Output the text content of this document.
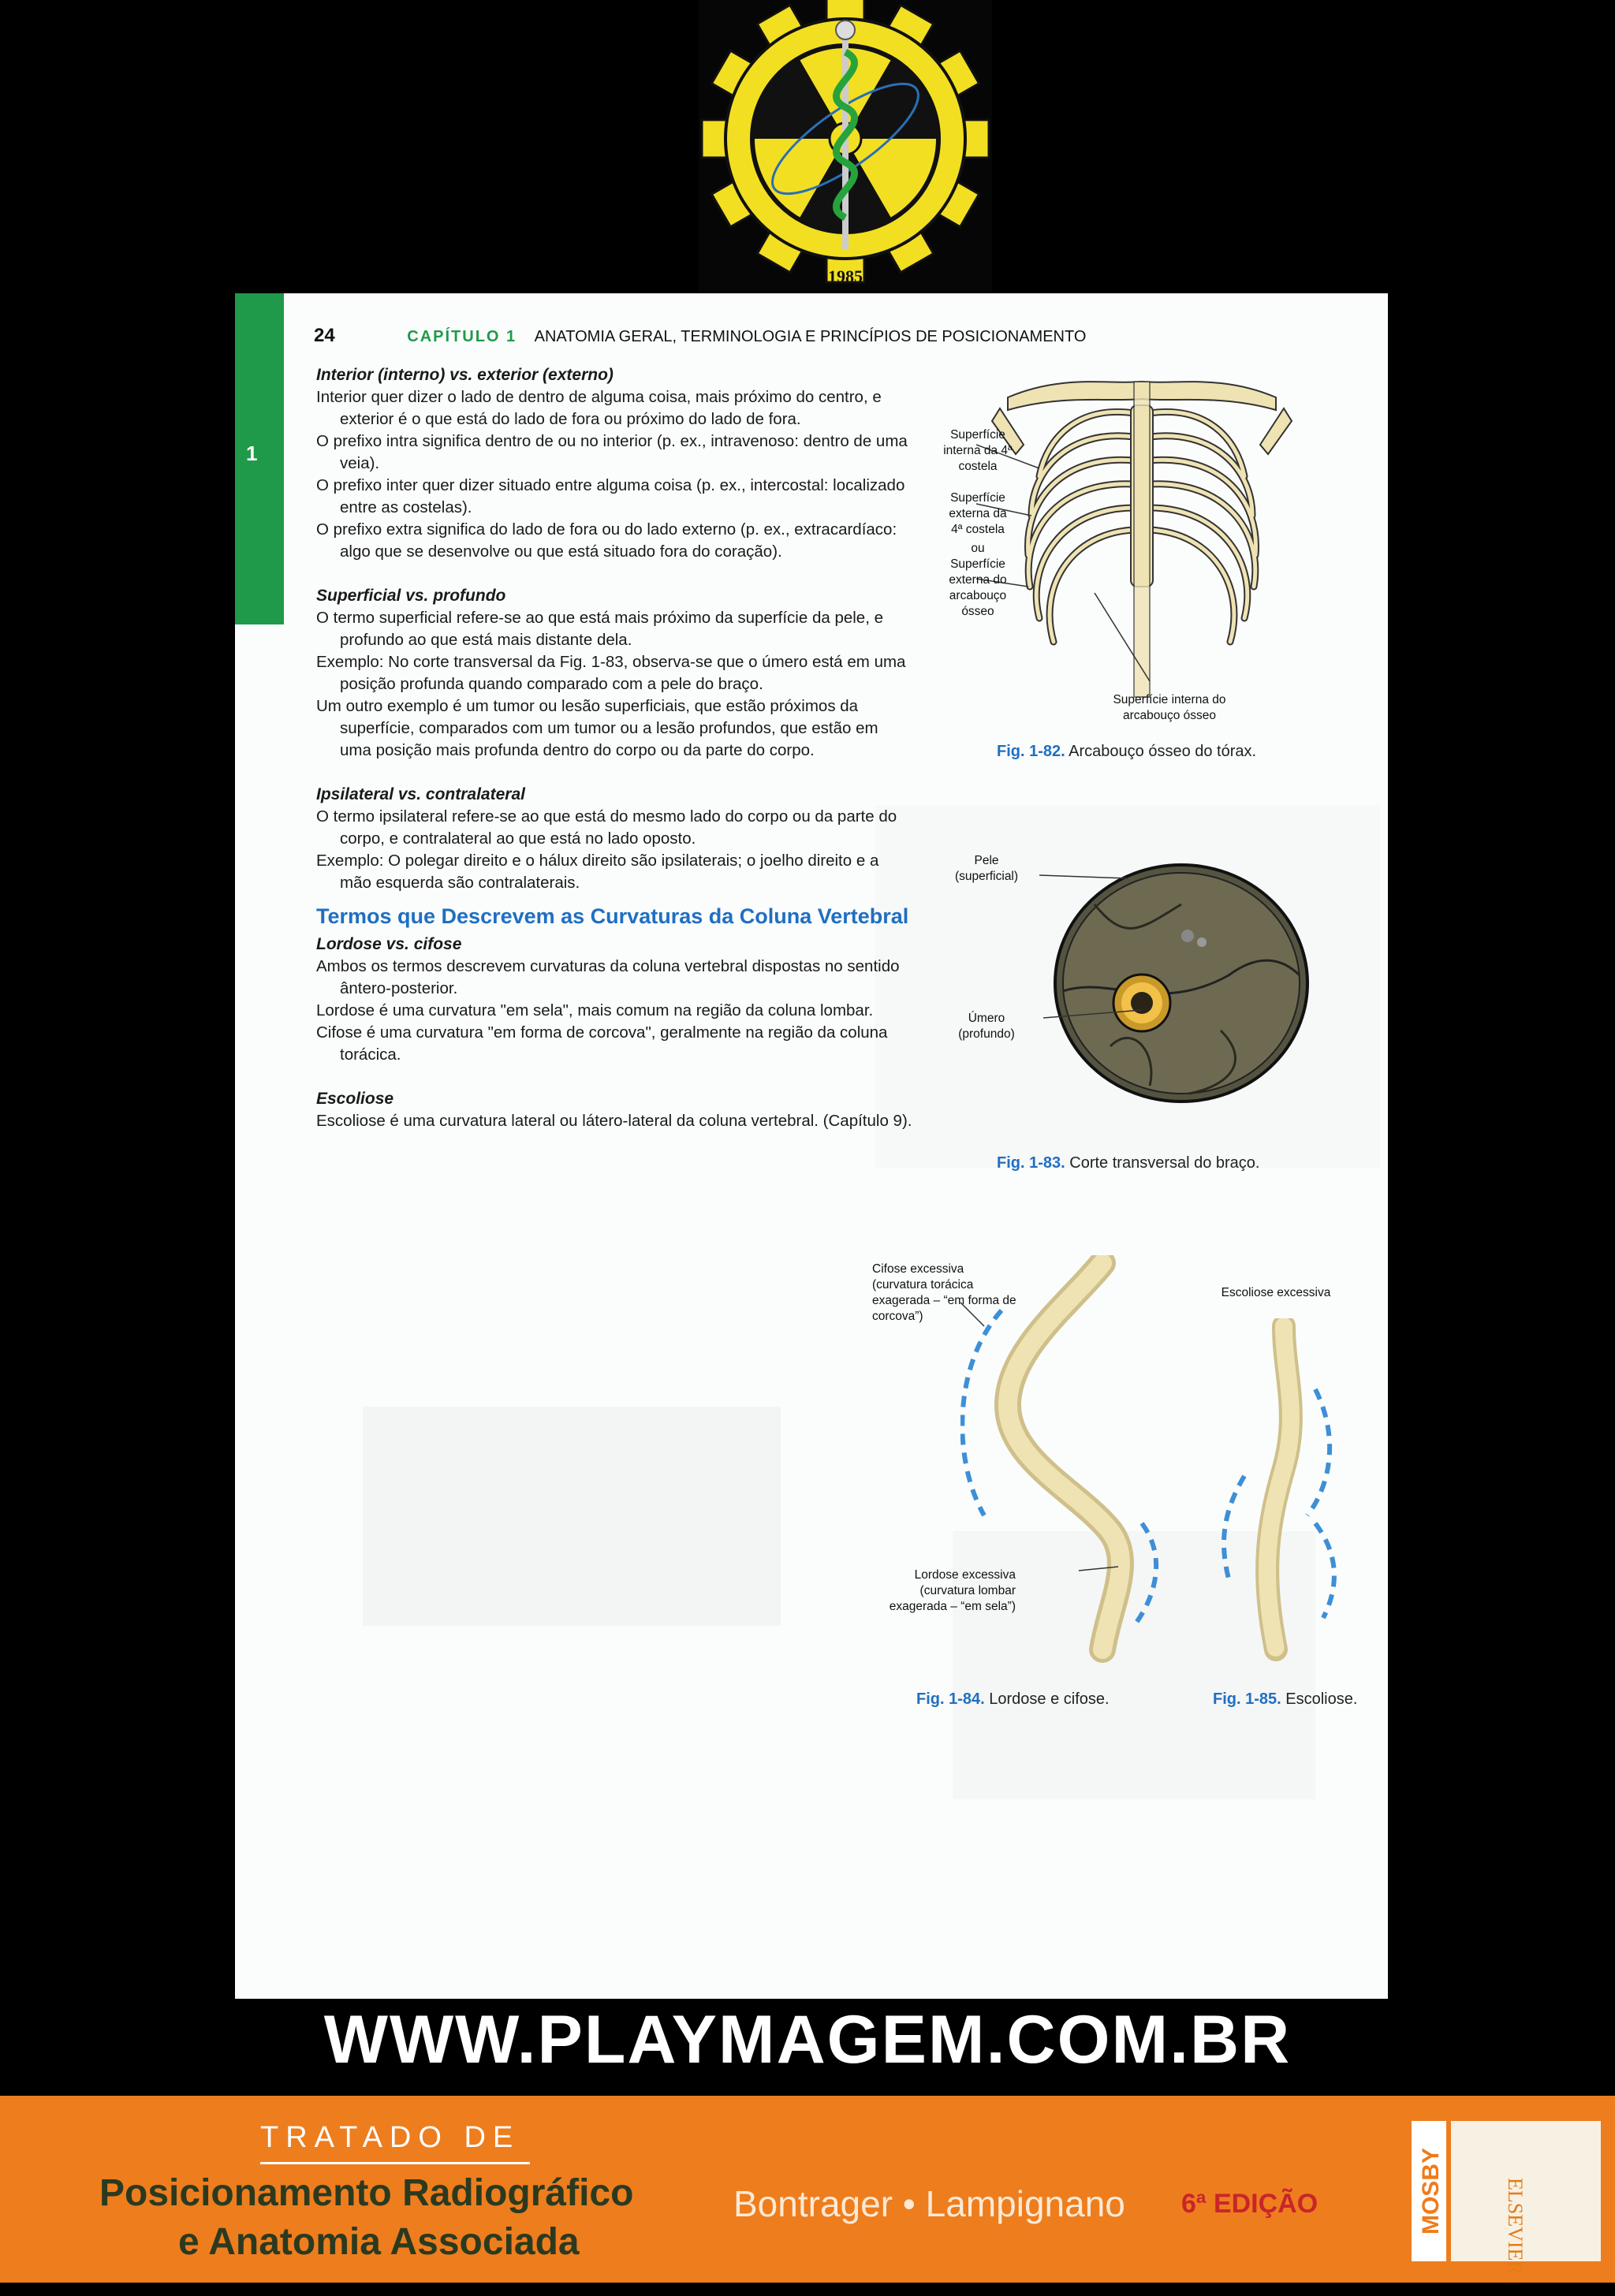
1985
1
24	CAPÍTULO 1 ANATOMIA GERAL, TERMINOLOGIA E PRINCÍPIOS DE POSICIONAMENTO
Interior (interno) vs. exterior (externo)

Interior quer dizer o lado de dentro de alguma coisa, mais próximo do centro, e exterior é o que está do lado de fora ou próximo do lado de fora.

O prefixo intra significa dentro de ou no interior (p. ex., intravenoso: dentro de uma veia).

O prefixo inter quer dizer situado entre alguma coisa (p. ex., intercostal: localizado entre as costelas).

O prefixo extra significa do lado de fora ou do lado externo (p. ex., extracardíaco: algo que se desenvolve ou que está situado fora do coração).

Superficial vs. profundo

O termo superficial refere-se ao que está mais próximo da superfície da pele, e profundo ao que está mais distante dela.

Exemplo: No corte transversal da Fig. 1-83, observa-se que o úmero está em uma posição profunda quando comparado com a pele do braço.

Um outro exemplo é um tumor ou lesão superficiais, que estão próximos da superfície, comparados com um tumor ou a lesão profundos, que estão em uma posição mais profunda dentro do corpo ou da parte do corpo.

Ipsilateral vs. contralateral

O termo ipsilateral refere-se ao que está do mesmo lado do corpo ou da parte do corpo, e contralateral ao que está no lado oposto.

Exemplo: O polegar direito e o hálux direito são ipsilaterais; o joelho direito e a mão esquerda são contralaterais.

Termos que Descrevem as Curvaturas da Coluna Vertebral
Lordose vs. cifose

Ambos os termos descrevem curvaturas da coluna vertebral dispostas no sentido ântero-posterior.

Lordose é uma curvatura "em sela", mais comum na região da coluna lombar.

Cifose é uma curvatura "em forma de corcova", geralmente na região da coluna torácica.

Escoliose

Escoliose é uma curvatura lateral ou látero-lateral da coluna vertebral. (Capítulo 9).

Superfície interna da 4ª costela
Superfície externa da 4ª costela
ou
Superfície externa do arcabouço ósseo
Superfície interna do arcabouço ósseo
Fig. 1-82. Arcabouço ósseo do tórax.
Pele (superficial)
Úmero (profundo)
Fig. 1-83. Corte transversal do braço.
Cifose excessiva (curvatura torácica exagerada – “em forma de corcova”)
Lordose excessiva (curvatura lombar exagerada – “em sela”)
Fig. 1-84. Lordose e cifose.
Escoliose excessiva
Fig. 1-85. Escoliose.
WWW.PLAYMAGEM.COM.BR
TRATADO DE
Posicionamento Radiográfico
e Anatomia Associada
Bontrager • Lampignano 6ª EDIÇÃO	MOSBY	ELSEVIER
